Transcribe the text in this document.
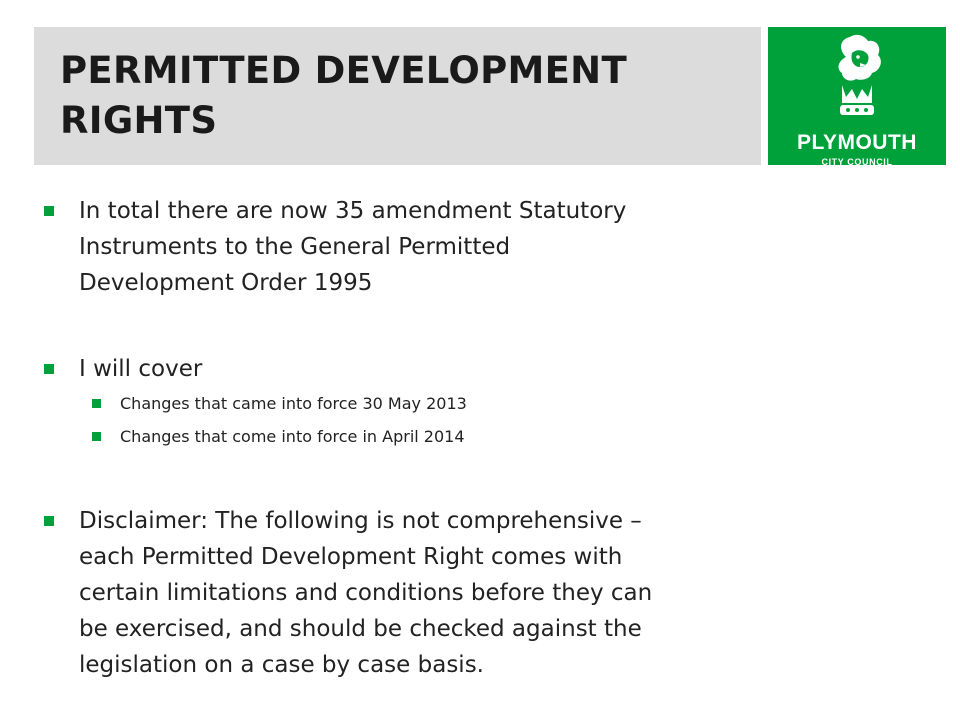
PERMITTED DEVELOPMENT
RIGHTS
PLYMOUTH
CITY COUNCIL
In total there are now 35 amendment Statutory
Instruments to the General Permitted
Development Order 1995
I will cover
Changes that came into force 30 May 2013
Changes that come into force in April 2014
Disclaimer: The following is not comprehensive –
each Permitted Development Right comes with
certain limitations and conditions before they can
be exercised, and should be checked against the
legislation on a case by case basis.
